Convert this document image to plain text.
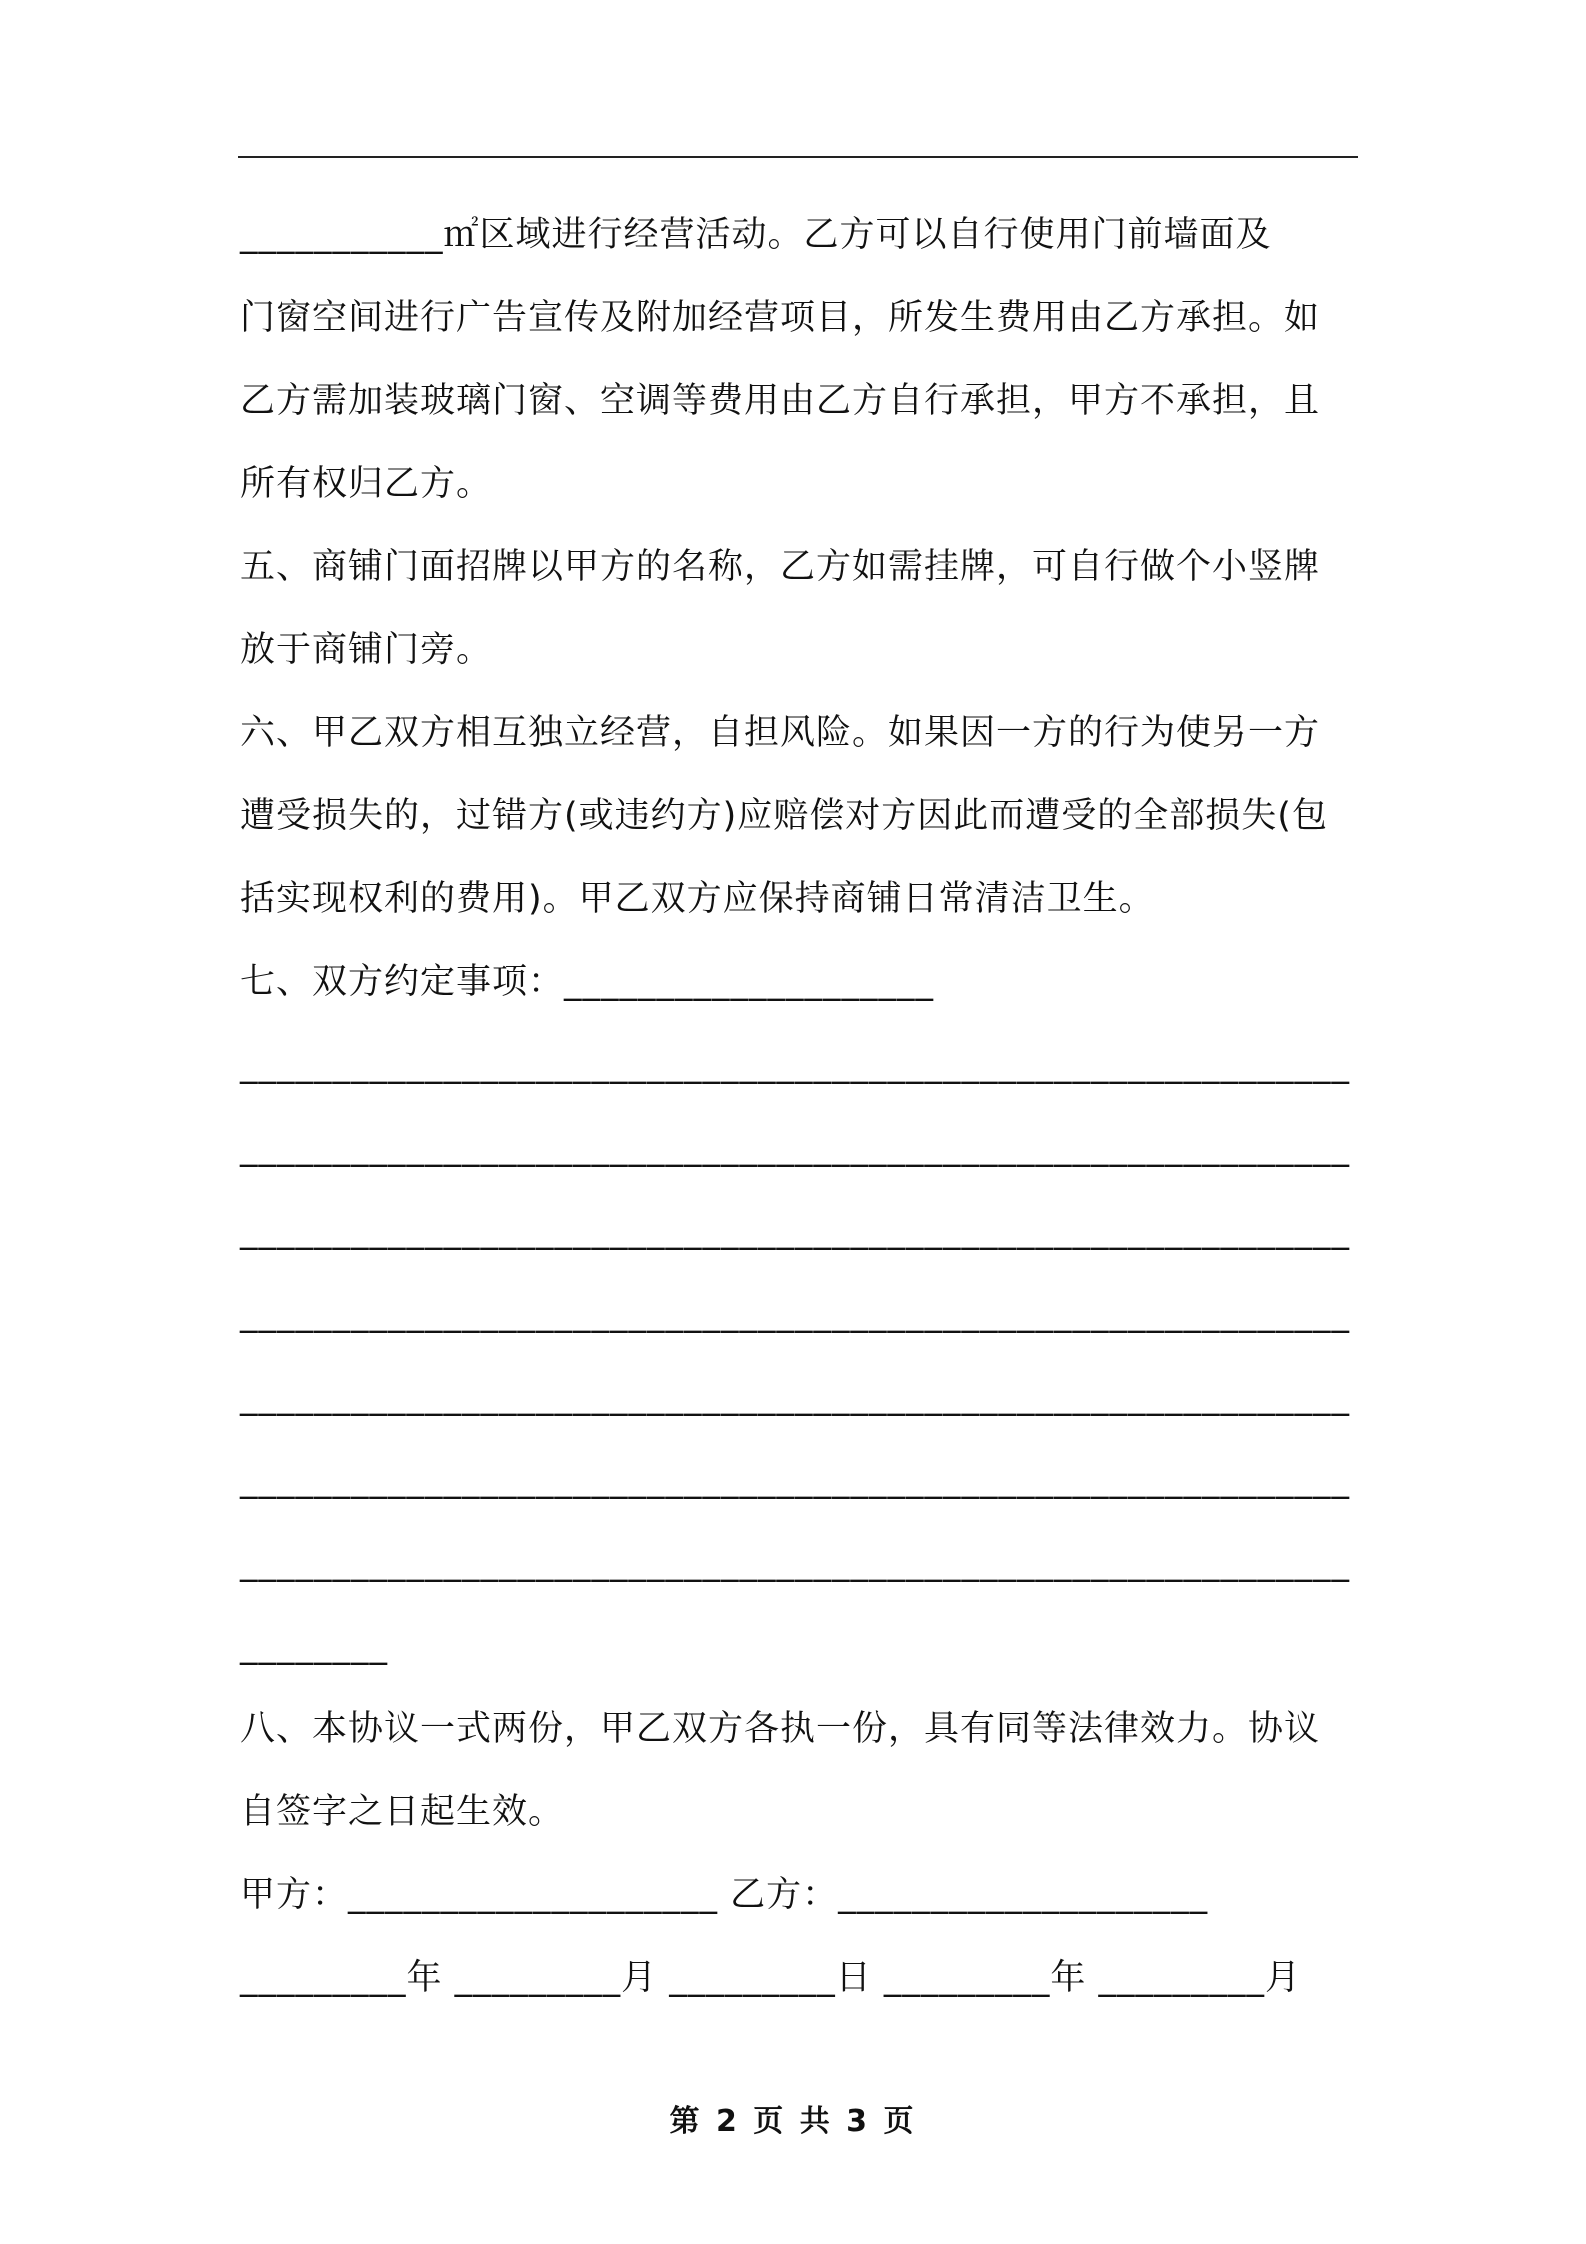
___________㎡区域进行经营活动。乙方可以自行使用门前墙面及
门窗空间进行广告宣传及附加经营项目，所发生费用由乙方承担。如
乙方需加装玻璃门窗、空调等费用由乙方自行承担，甲方不承担，且
所有权归乙方。
五、商铺门面招牌以甲方的名称，乙方如需挂牌，可自行做个小竖牌
放于商铺门旁。
六、甲乙双方相互独立经营，自担风险。如果因一方的行为使另一方
遭受损失的，过错方(或违约方)应赔偿对方因此而遭受的全部损失(包
括实现权利的费用)。甲乙双方应保持商铺日常清洁卫生。
七、双方约定事项：____________________
____________________________________________________________
____________________________________________________________
____________________________________________________________
____________________________________________________________
____________________________________________________________
____________________________________________________________
____________________________________________________________
________
八、本协议一式两份，甲乙双方各执一份，具有同等法律效力。协议
自签字之日起生效。
甲方：____________________ 乙方：____________________
_________年 _________月 _________日 _________年 _________月
第 2 页 共 3 页
